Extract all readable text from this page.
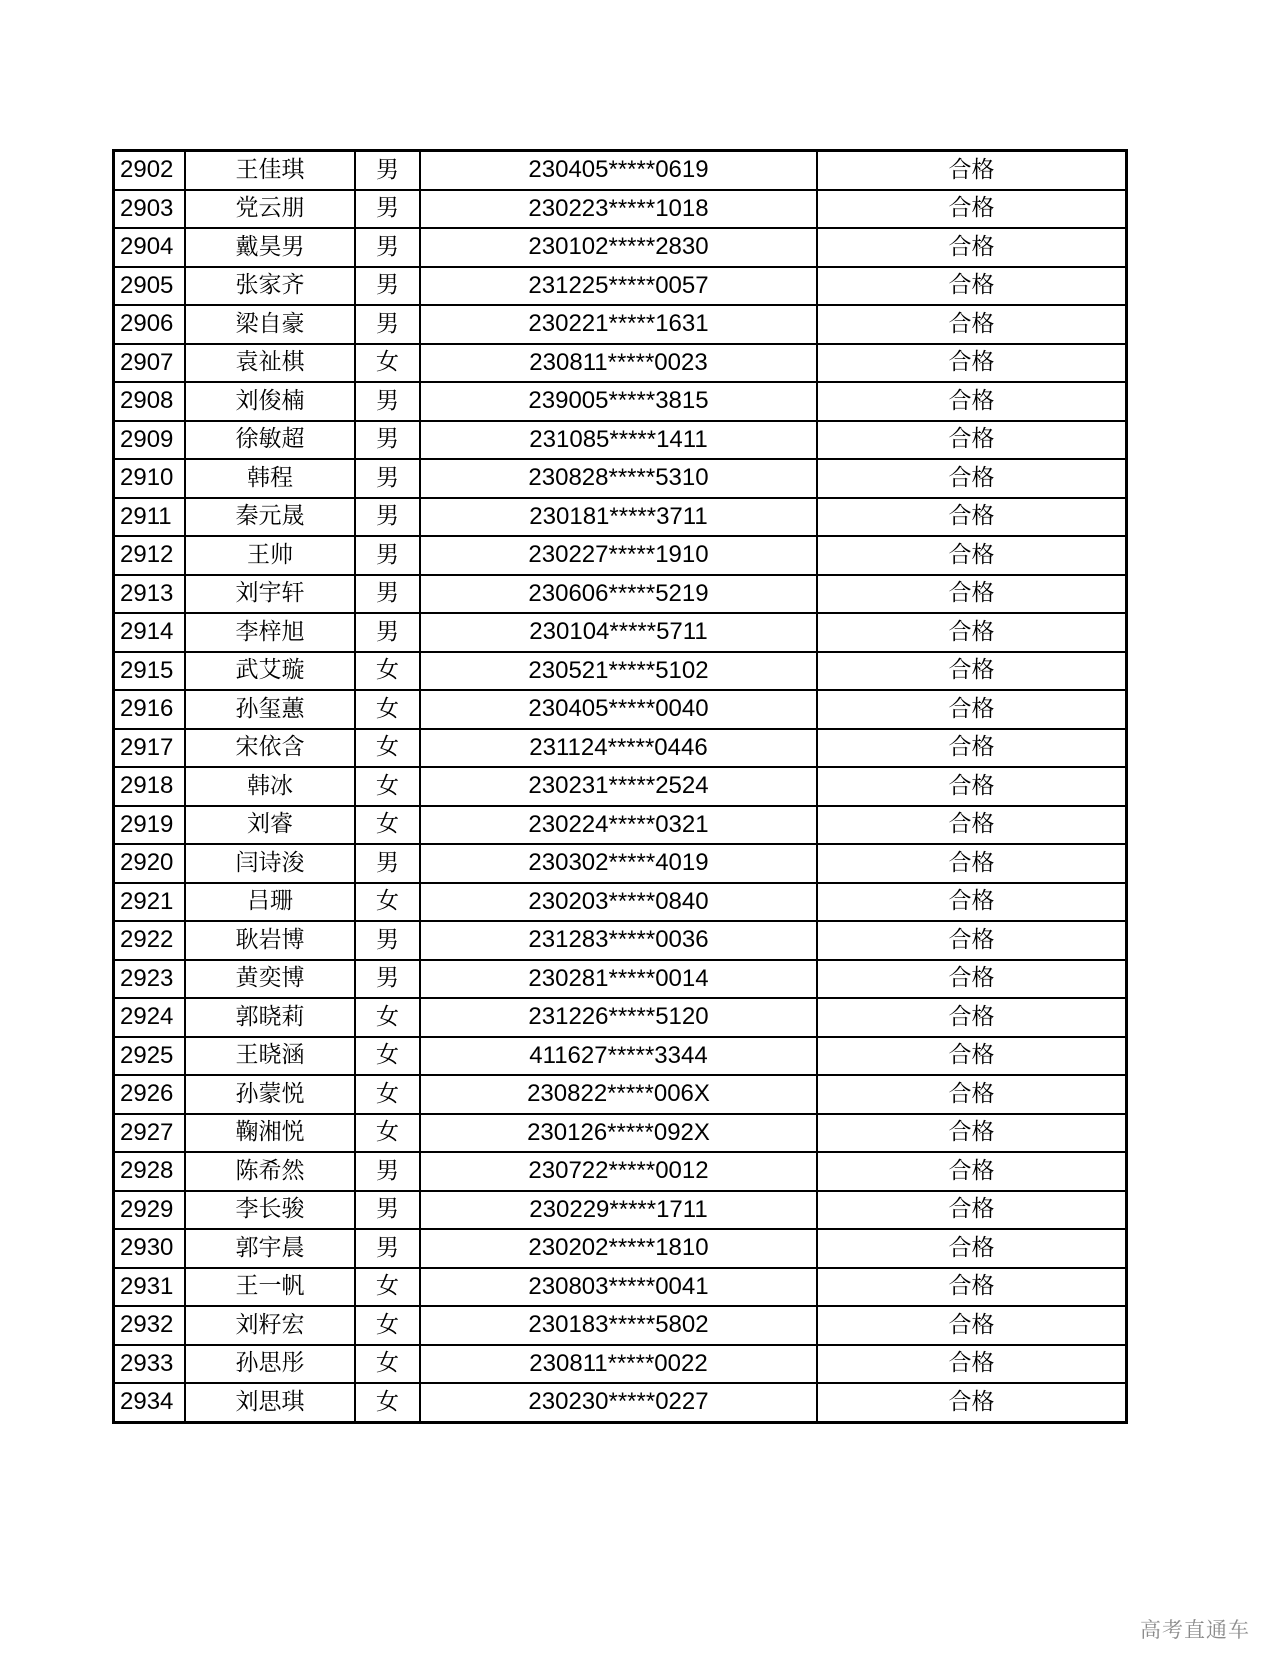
2902	王佳琪	男	230405*****0619	合格
2903	党云朋	男	230223*****1018	合格
2904	戴昊男	男	230102*****2830	合格
2905	张家齐	男	231225*****0057	合格
2906	梁自豪	男	230221*****1631	合格
2907	袁祉棋	女	230811*****0023	合格
2908	刘俊楠	男	239005*****3815	合格
2909	徐敏超	男	231085*****1411	合格
2910	韩程	男	230828*****5310	合格
2911	秦元晟	男	230181*****3711	合格
2912	王帅	男	230227*****1910	合格
2913	刘宇轩	男	230606*****5219	合格
2914	李梓旭	男	230104*****5711	合格
2915	武艾璇	女	230521*****5102	合格
2916	孙玺蕙	女	230405*****0040	合格
2917	宋依含	女	231124*****0446	合格
2918	韩冰	女	230231*****2524	合格
2919	刘睿	女	230224*****0321	合格
2920	闫诗浚	男	230302*****4019	合格
2921	吕珊	女	230203*****0840	合格
2922	耿岩博	男	231283*****0036	合格
2923	黄奕博	男	230281*****0014	合格
2924	郭晓莉	女	231226*****5120	合格
2925	王晓涵	女	411627*****3344	合格
2926	孙蒙悦	女	230822*****006X	合格
2927	鞠湘悦	女	230126*****092X	合格
2928	陈希然	男	230722*****0012	合格
2929	李长骏	男	230229*****1711	合格
2930	郭宇晨	男	230202*****1810	合格
2931	王一帆	女	230803*****0041	合格
2932	刘籽宏	女	230183*****5802	合格
2933	孙思彤	女	230811*****0022	合格
2934	刘思琪	女	230230*****0227	合格
高考直通车
